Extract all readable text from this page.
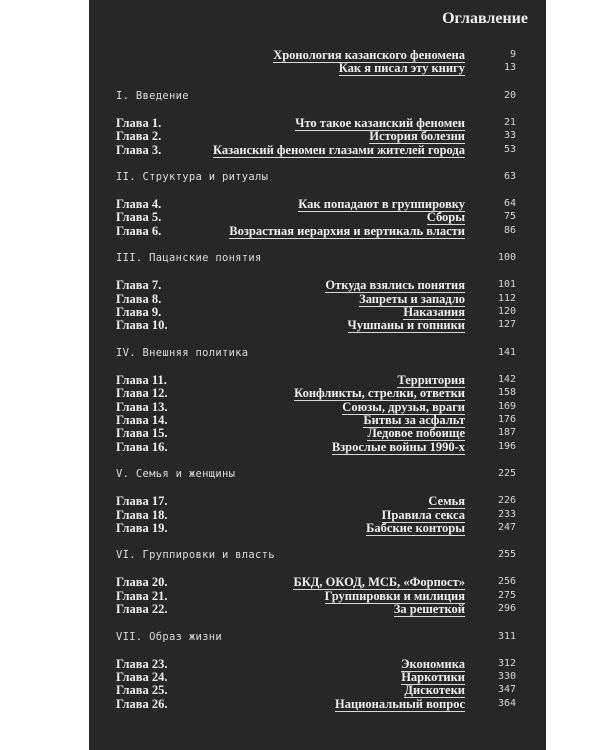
Оглавление
Хронология казанского феномена	9
Как я писал эту книгу	13
I. Введение	20
Глава 1.	Что такое казанский феномен	21
Глава 2.	История болезни	33
Глава 3.	Казанский феномен глазами жителей города	53
II. Структура и ритуалы	63
Глава 4.	Как попадают в группировку	64
Глава 5.	Сборы	75
Глава 6.	Возрастная иерархия и вертикаль власти	86
III. Пацанские понятия	100
Глава 7.	Откуда взялись понятия	101
Глава 8.	Запреты и западло	112
Глава 9.	Наказания	120
Глава 10.	Чушпаны и гопники	127
IV. Внешняя политика	141
Глава 11.	Территория	142
Глава 12.	Конфликты, стрелки, ответки	158
Глава 13.	Союзы, друзья, враги	169
Глава 14.	Битвы за асфальт	176
Глава 15.	Ледовое побоище	187
Глава 16.	Взрослые войны 1990-х	196
V. Семья и женщины	225
Глава 17.	Семья	226
Глава 18.	Правила секса	233
Глава 19.	Бабские конторы	247
VI. Группировки и власть	255
Глава 20.	БКД, ОКОД, МСБ, «Форпост»	256
Глава 21.	Группировки и милиция	275
Глава 22.	За решеткой	296
VII. Образ жизни	311
Глава 23.	Экономика	312
Глава 24.	Наркотики	330
Глава 25.	Дискотеки	347
Глава 26.	Национальный вопрос	364
